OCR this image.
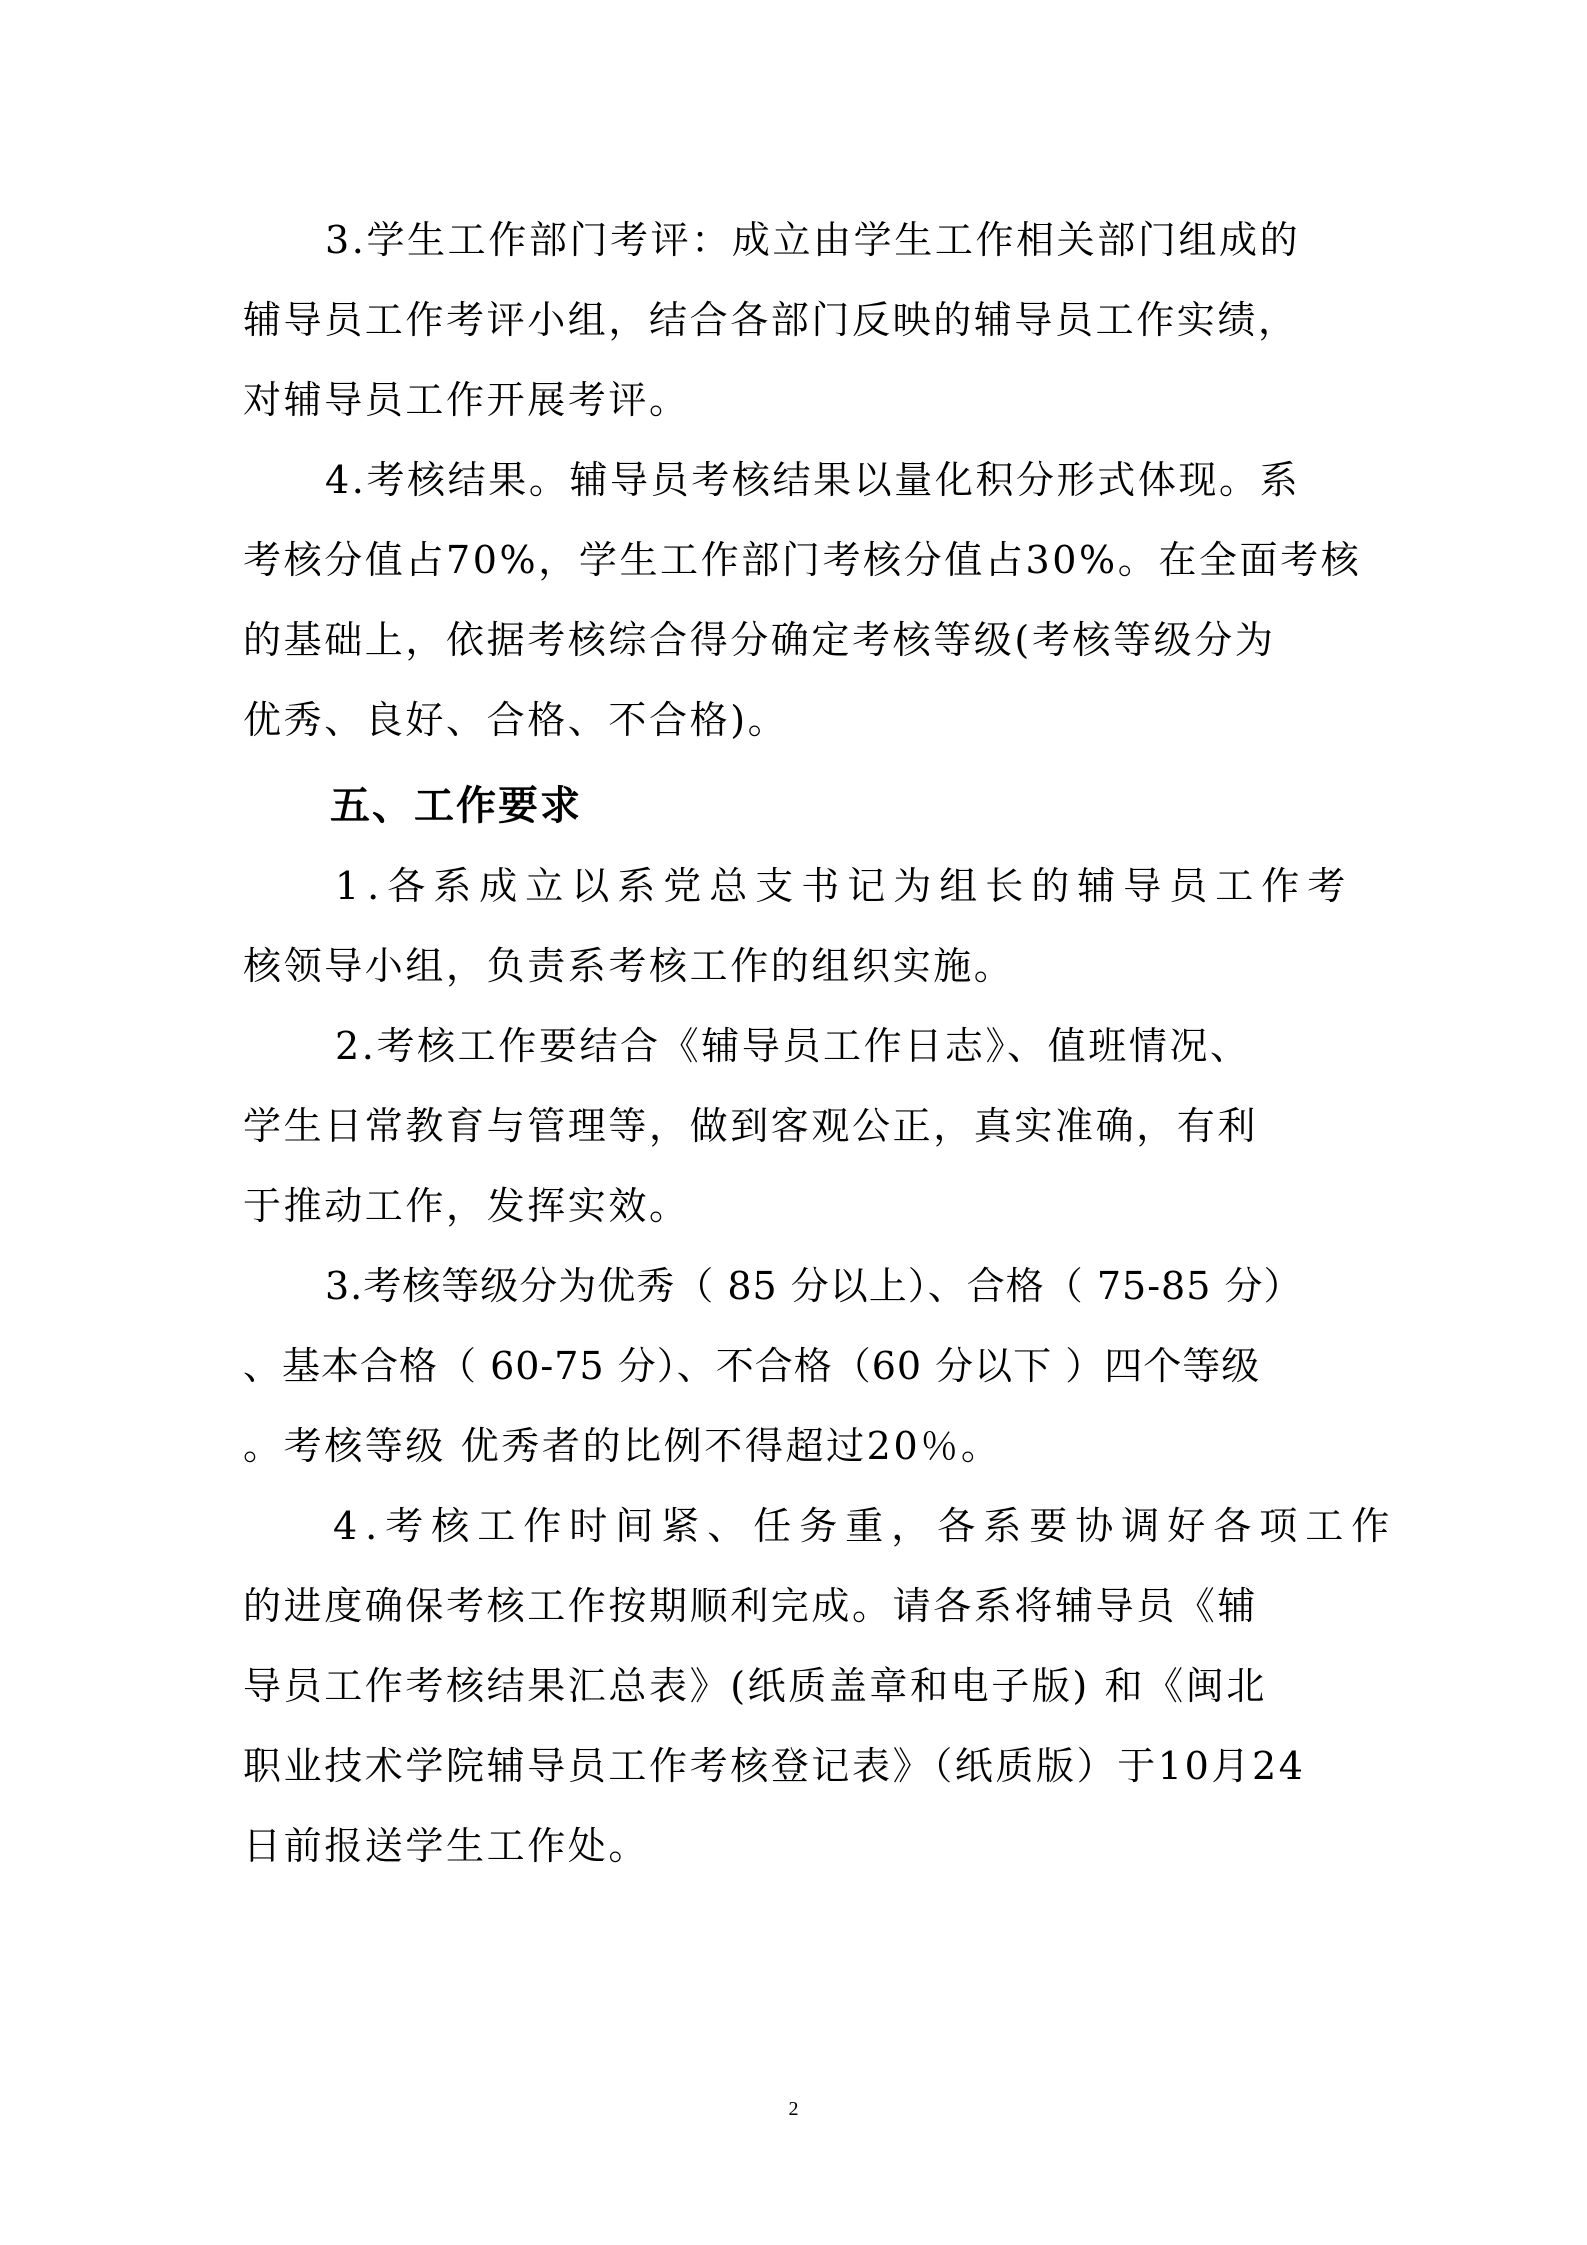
3.学生工作部门考评：成立由学生工作相关部门组成的
辅导员工作考评小组，结合各部门反映的辅导员工作实绩，
对辅导员工作开展考评。
4.考核结果。辅导员考核结果以量化积分形式体现。系
考核分值占70%，学生工作部门考核分值占30%。在全面考核
的基础上，依据考核综合得分确定考核等级(考核等级分为
优秀、良好、合格、不合格)。
五、工作要求
1.各系成立以系党总支书记为组长的辅导员工作考
核领导小组，负责系考核工作的组织实施。
2.考核工作要结合《辅导员工作日志》、值班情况、
学生日常教育与管理等，做到客观公正，真实准确，有利
于推动工作，发挥实效。
3.考核等级分为优秀（ 85 分以上）、合格（ 75-85 分）
、基本合格（ 60-75 分）、不合格（60 分以下 ）四个等级
。考核等级 优秀者的比例不得超过20％。
4.考核工作时间紧、任务重，各系要协调好各项工作
的进度确保考核工作按期顺利完成。请各系将辅导员《辅
导员工作考核结果汇总表》(纸质盖章和电子版) 和《闽北
职业技术学院辅导员工作考核登记表》（纸质版）于10月24
日前报送学生工作处。
2
